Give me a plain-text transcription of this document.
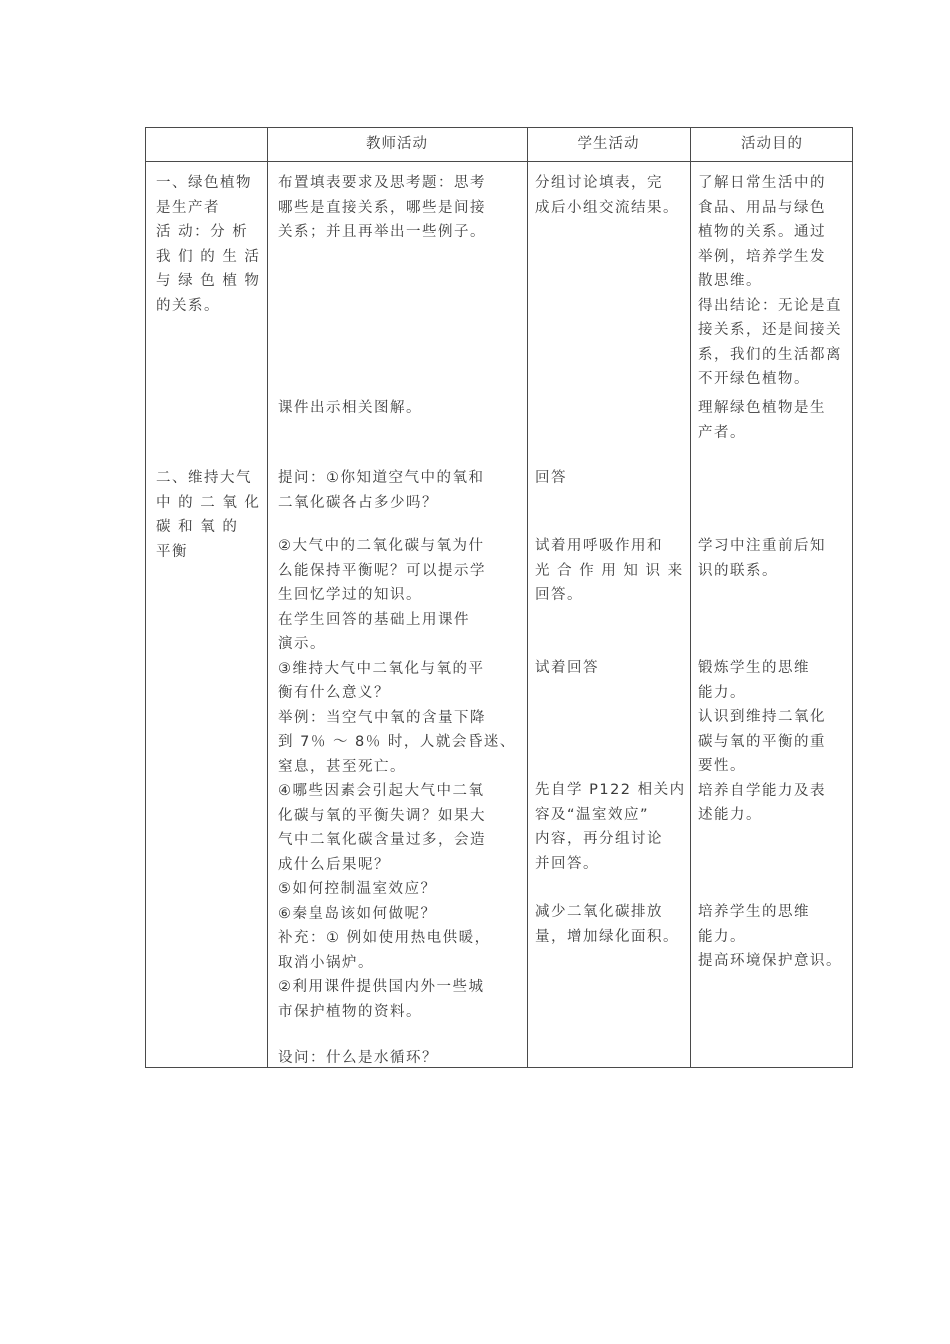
教师活动	学生活动	活动目的
一、绿色植物
是生产者
活 动：分 析
我 们 的 生 活
与 绿 色 植 物
的关系。
布置填表要求及思考题：思考
哪些是直接关系，哪些是间接
关系；并且再举出一些例子。
课件出示相关图解。
分组讨论填表，完
成后小组交流结果。
了解日常生活中的
食品、用品与绿色
植物的关系。通过
举例，培养学生发
散思维。
得出结论：无论是直
接关系，还是间接关
系，我们的生活都离
不开绿色植物。
理解绿色植物是生
产者。
二、维持大气
中 的 二 氧 化
碳 和 氧 的
平衡
提问：①你知道空气中的氧和
二氧化碳各占多少吗？
②大气中的二氧化碳与氧为什
么能保持平衡呢？可以提示学
生回忆学过的知识。
在学生回答的基础上用课件
演示。
③维持大气中二氧化与氧的平
衡有什么意义？
举例：当空气中氧的含量下降
到 7％ ～ 8％ 时，人就会昏迷、
窒息，甚至死亡。
④哪些因素会引起大气中二氧
化碳与氧的平衡失调？如果大
气中二氧化碳含量过多，会造
成什么后果呢？
⑤如何控制温室效应？
⑥秦皇岛该如何做呢？
补充：① 例如使用热电供暖，
取消小锅炉。
②利用课件提供国内外一些城
市保护植物的资料。
设问：什么是水循环？
回答
试着用呼吸作用和
光 合 作 用 知 识 来
回答。
试着回答
先自学 P122 相关内
容及“温室效应”
内容，再分组讨论
并回答。
减少二氧化碳排放
量，增加绿化面积。
学习中注重前后知
识的联系。
锻炼学生的思维
能力。
认识到维持二氧化
碳与氧的平衡的重
要性。
培养自学能力及表
述能力。
培养学生的思维
能力。
提高环境保护意识。
